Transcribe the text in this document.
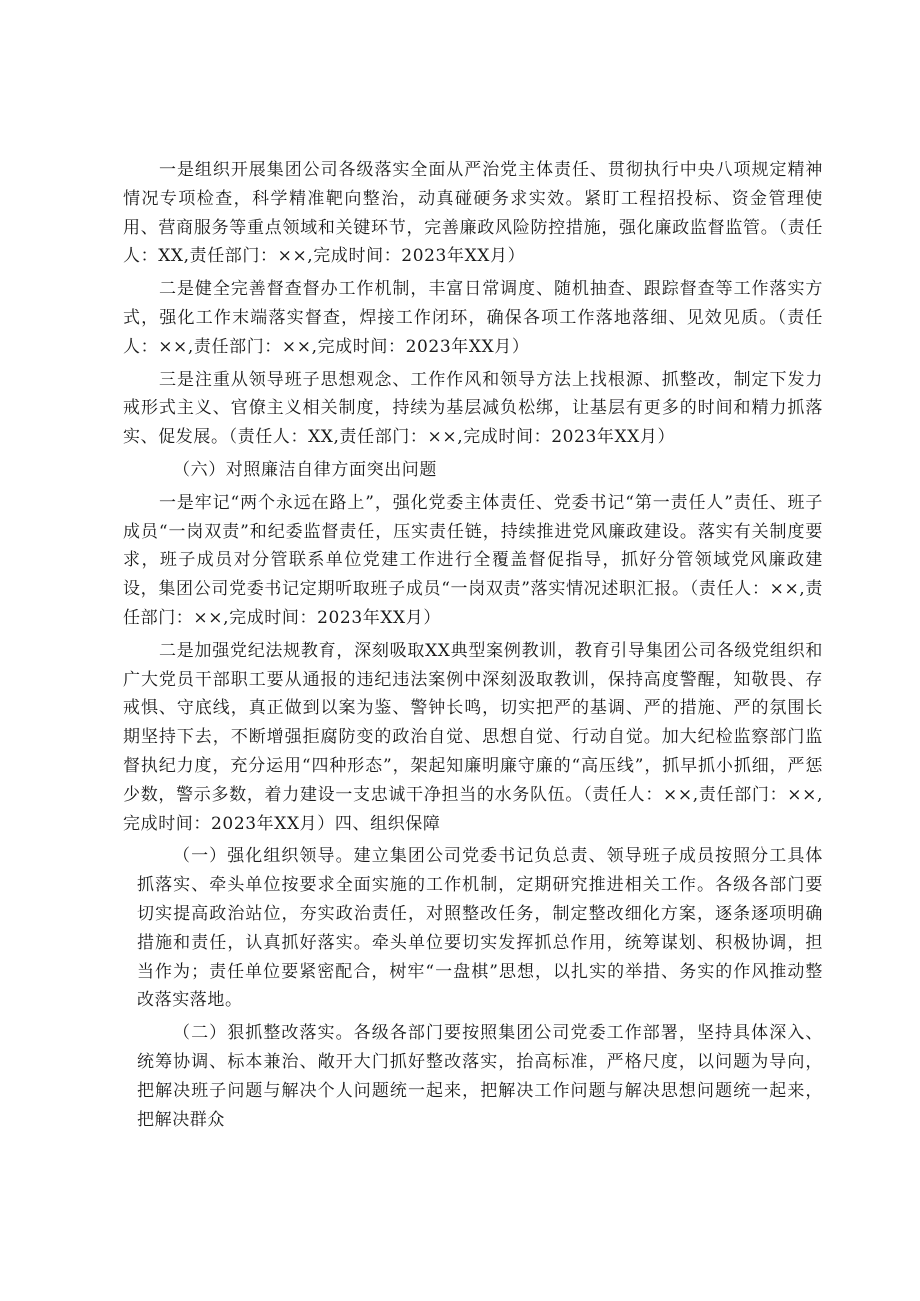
一是组织开展集团公司各级落实全面从严治党主体责任、贯彻执行中央八项规定精神情况专项检查，科学精准靶向整治，动真碰硬务求实效。紧盯工程招投标、资金管理使用、营商服务等重点领域和关键环节，完善廉政风险防控措施，强化廉政监督监管。（责任人：XX,责任部门：××,完成时间：2023年XX月）

二是健全完善督查督办工作机制，丰富日常调度、随机抽查、跟踪督查等工作落实方式，强化工作末端落实督查，焊接工作闭环，确保各项工作落地落细、见效见质。（责任人：××,责任部门：××,完成时间：2023年XX月）

三是注重从领导班子思想观念、工作作风和领导方法上找根源、抓整改，制定下发力戒形式主义、官僚主义相关制度，持续为基层减负松绑，让基层有更多的时间和精力抓落实、促发展。（责任人：XX,责任部门：××,完成时间：2023年XX月）

（六）对照廉洁自律方面突出问题

一是牢记“两个永远在路上”，强化党委主体责任、党委书记“第一责任人”责任、班子成员“一岗双责”和纪委监督责任，压实责任链，持续推进党风廉政建设。落实有关制度要求，班子成员对分管联系单位党建工作进行全覆盖督促指导，抓好分管领域党风廉政建设，集团公司党委书记定期听取班子成员“一岗双责”落实情况述职汇报。（责任人：××,责任部门：××,完成时间：2023年XX月）

二是加强党纪法规教育，深刻吸取XX典型案例教训，教育引导集团公司各级党组织和广大党员干部职工要从通报的违纪违法案例中深刻汲取教训，保持高度警醒，知敬畏、存戒惧、守底线，真正做到以案为鉴、警钟长鸣，切实把严的基调、严的措施、严的氛围长期坚持下去，不断增强拒腐防变的政治自觉、思想自觉、行动自觉。加大纪检监察部门监督执纪力度，充分运用“四种形态”，架起知廉明廉守廉的“高压线”，抓早抓小抓细，严惩少数，警示多数，着力建设一支忠诚干净担当的水务队伍。（责任人：××,责任部门：××,完成时间：2023年XX月）四、组织保障

（一）强化组织领导。建立集团公司党委书记负总责、领导班子成员按照分工具体抓落实、牵头单位按要求全面实施的工作机制，定期研究推进相关工作。各级各部门要切实提高政治站位，夯实政治责任，对照整改任务，制定整改细化方案，逐条逐项明确措施和责任，认真抓好落实。牵头单位要切实发挥抓总作用，统筹谋划、积极协调，担当作为；责任单位要紧密配合，树牢“一盘棋”思想，以扎实的举措、务实的作风推动整改落实落地。

（二）狠抓整改落实。各级各部门要按照集团公司党委工作部署，坚持具体深入、统筹协调、标本兼治、敞开大门抓好整改落实，抬高标准，严格尺度，以问题为导向，把解决班子问题与解决个人问题统一起来，把解决工作问题与解决思想问题统一起来，把解决群众
